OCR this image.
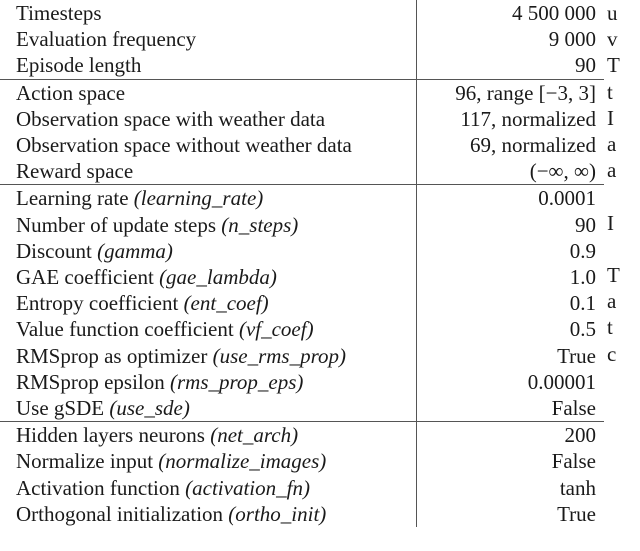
Timesteps	4 500 000
Evaluation frequency	9 000
Episode length	90
Action space	96, range [−3, 3]
Observation space with weather data	117, normalized
Observation space without weather data	69, normalized
Reward space	(−∞, ∞)
Learning rate (learning_rate)	0.0001
Number of update steps (n_steps)	90
Discount (gamma)	0.9
GAE coefficient (gae_lambda)	1.0
Entropy coefficient (ent_coef)	0.1
Value function coefficient (vf_coef)	0.5
RMSprop as optimizer (use_rms_prop)	True
RMSprop epsilon (rms_prop_eps)	0.00001
Use gSDE (use_sde)	False
Hidden layers neurons (net_arch)	200
Normalize input (normalize_images)	False
Activation function (activation_fn)	tanh
Orthogonal initialization (ortho_init)	True
u
v
T
t
I
a
a

I

T
a
t
c
